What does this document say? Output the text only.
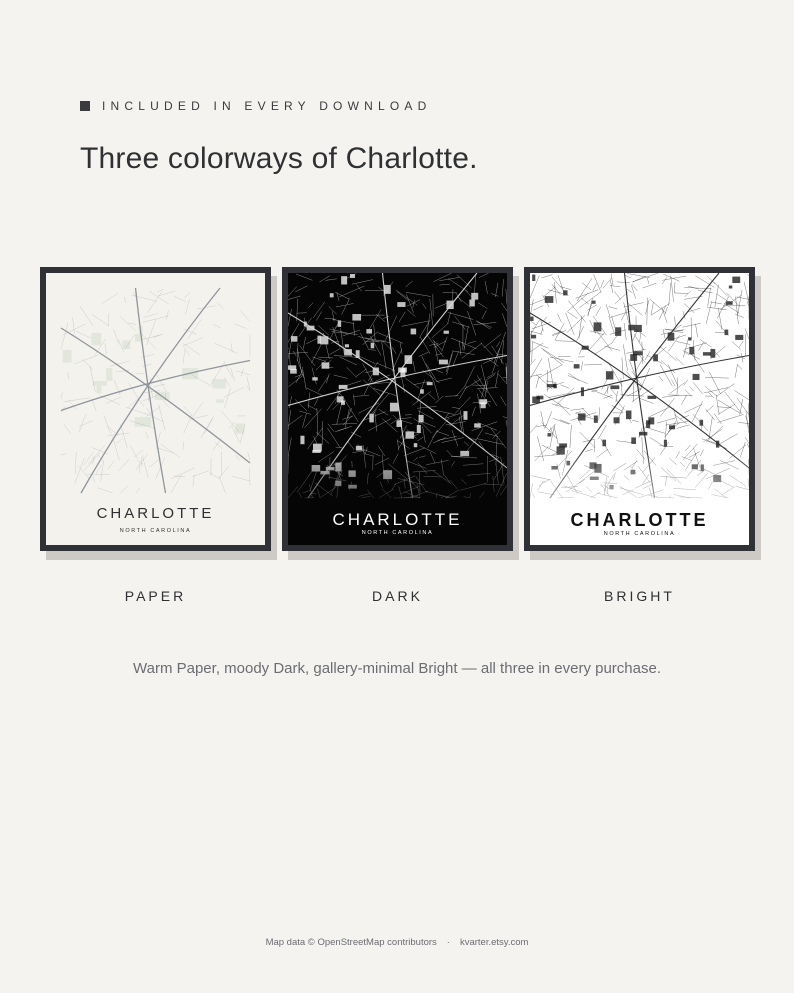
INCLUDED IN EVERY DOWNLOAD
Three colorways of Charlotte.
CHARLOTTE
NORTH CAROLINA
CHARLOTTE
NORTH CAROLINA
CHARLOTTE
NORTH CAROLINA
PAPER	DARK	BRIGHT
Warm Paper, moody Dark, gallery-minimal Bright — all three in every purchase.
Map data © OpenStreetMap contributors · kvarter.etsy.com
